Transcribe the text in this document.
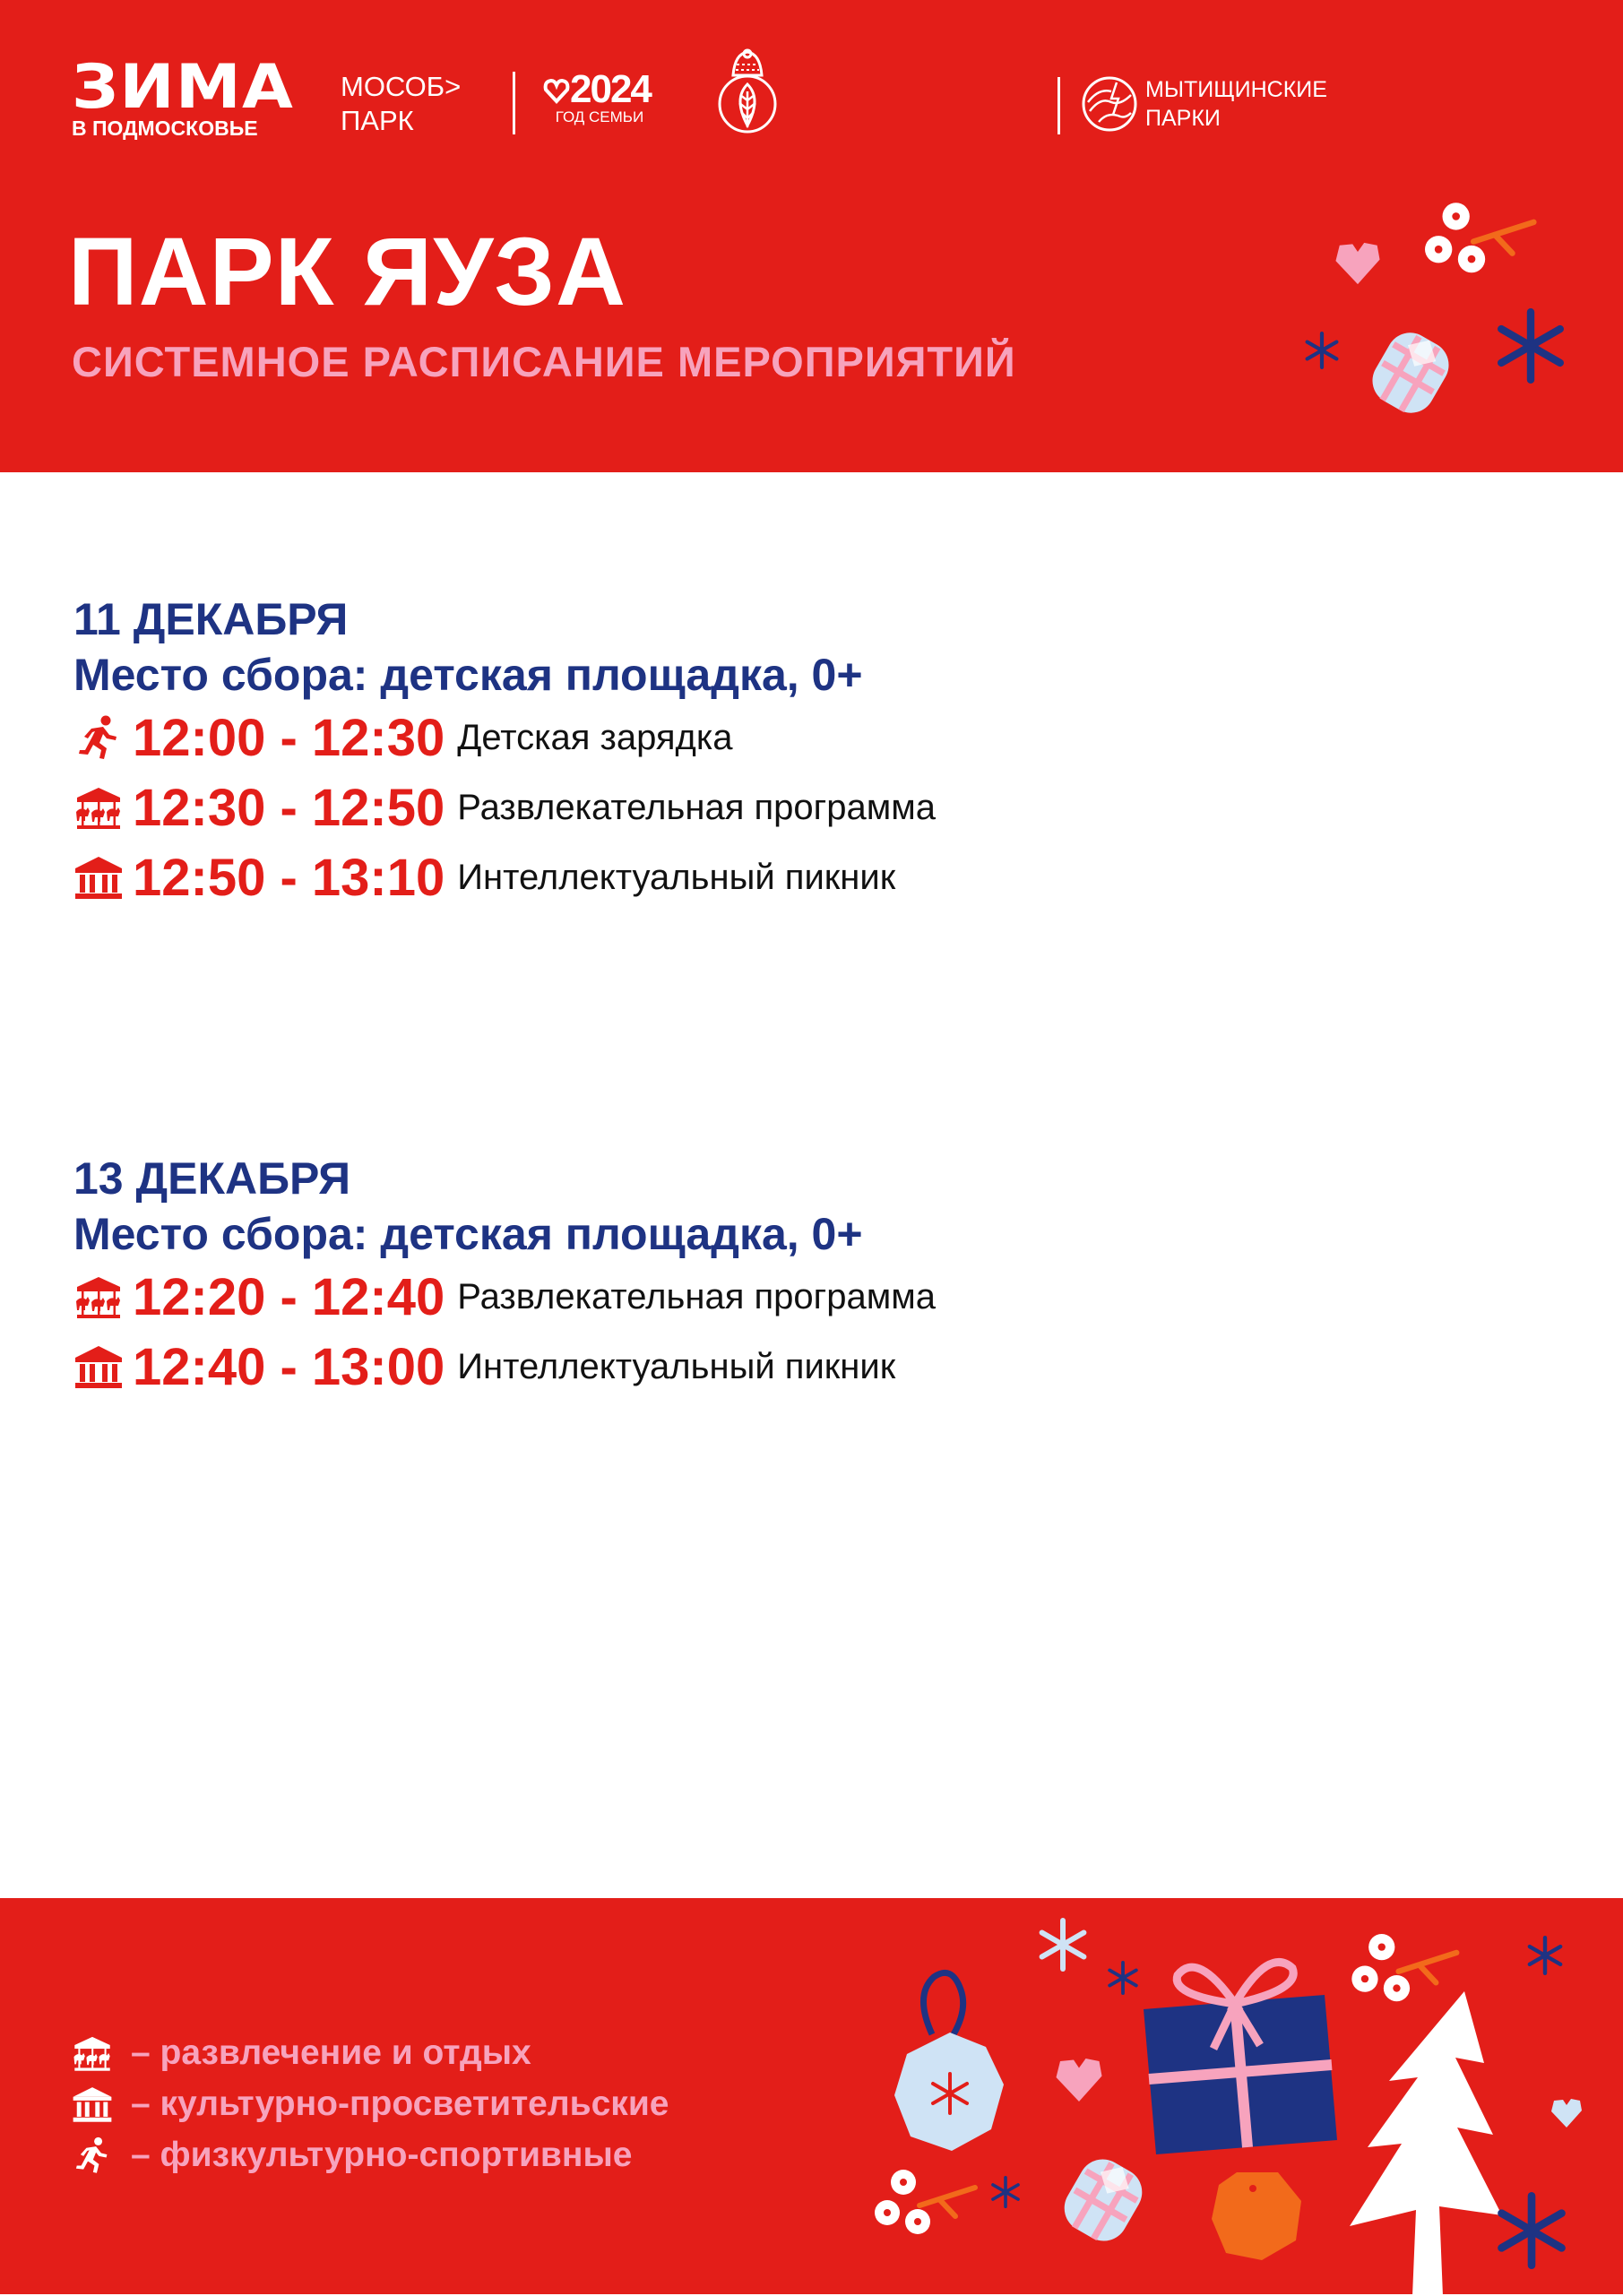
ЗИМА
В ПОДМОСКОВЬЕ
МОСОБ>
ПАРК
2024
ГОД СЕМЬИ
МЫТИЩИНСКИЕ
ПАРКИ
ПАРК ЯУЗА
СИСТЕМНОЕ РАСПИСАНИЕ МЕРОПРИЯТИЙ

11 ДЕКАБРЯ

Место сбора: детская площадка, 0+

12:00 - 12:30 Детская зарядка
12:30 - 12:50 Развлекательная программа
12:50 - 13:10 Интеллектуальный пикник

13 ДЕКАБРЯ

Место сбора: детская площадка, 0+

12:20 - 12:40 Развлекательная программа
12:40 - 13:00 Интеллектуальный пикник
– развлечение и отдых
– культурно-просветительские
– физкультурно-спортивные
